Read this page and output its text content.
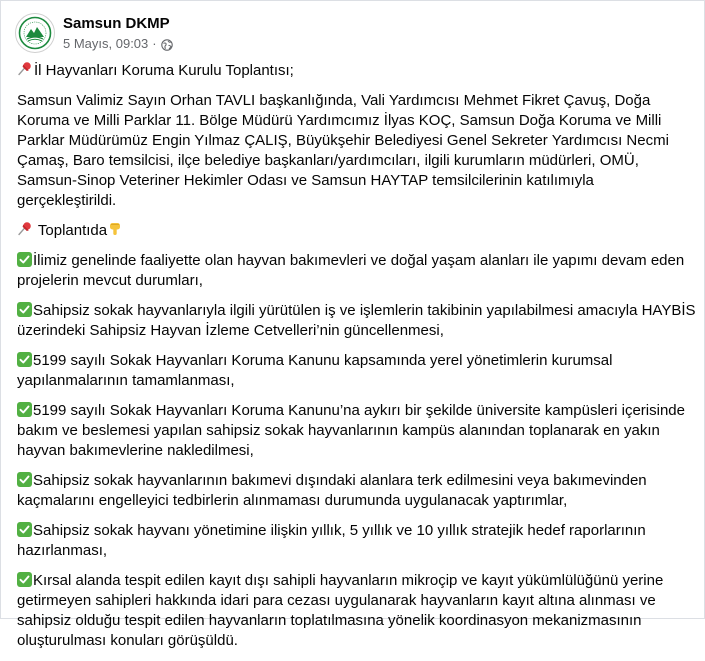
Samsun DKMP
5 Mayıs, 09:03 ·

İl Hayvanları Koruma Kurulu Toplantısı;

Samsun Valimiz Sayın Orhan TAVLI başkanlığında, Vali Yardımcısı Mehmet Fikret Çavuş, Doğa Koruma ve Milli Parklar 11. Bölge Müdürü Yardımcımız İlyas KOÇ, Samsun Doğa Koruma ve Milli Parklar Müdürümüz Engin Yılmaz ÇALIŞ, Büyükşehir Belediyesi Genel Sekreter Yardımcısı Necmi Çamaş, Baro temsilcisi, ilçe belediye başkanları/yardımcıları, ilgili kurumların müdürleri, OMÜ, Samsun-Sinop Veteriner Hekimler Odası ve Samsun HAYTAP temsilcilerinin katılımıyla gerçekleştirildi.

Toplantıda

İlimiz genelinde faaliyette olan hayvan bakımevleri ve doğal yaşam alanları ile yapımı devam eden projelerin mevcut durumları,

Sahipsiz sokak hayvanlarıyla ilgili yürütülen iş ve işlemlerin takibinin yapılabilmesi amacıyla HAYBİS üzerindeki Sahipsiz Hayvan İzleme Cetvelleri’nin güncellenmesi,

5199 sayılı Sokak Hayvanları Koruma Kanunu kapsamında yerel yönetimlerin kurumsal yapılanmalarının tamamlanması,

5199 sayılı Sokak Hayvanları Koruma Kanunu’na aykırı bir şekilde üniversite kampüsleri içerisinde bakım ve beslemesi yapılan sahipsiz sokak hayvanlarının kampüs alanından toplanarak en yakın hayvan bakımevlerine nakledilmesi,

Sahipsiz sokak hayvanlarının bakımevi dışındaki alanlara terk edilmesini veya bakımevinden kaçmalarını engelleyici tedbirlerin alınmaması durumunda uygulanacak yaptırımlar,

Sahipsiz sokak hayvanı yönetimine ilişkin yıllık, 5 yıllık ve 10 yıllık stratejik hedef raporlarının hazırlanması,

Kırsal alanda tespit edilen kayıt dışı sahipli hayvanların mikroçip ve kayıt yükümlülüğünü yerine getirmeyen sahipleri hakkında idari para cezası uygulanarak hayvanların kayıt altına alınması ve sahipsiz olduğu tespit edilen hayvanların toplatılmasına yönelik koordinasyon mekanizmasının oluşturulması konuları görüşüldü.
